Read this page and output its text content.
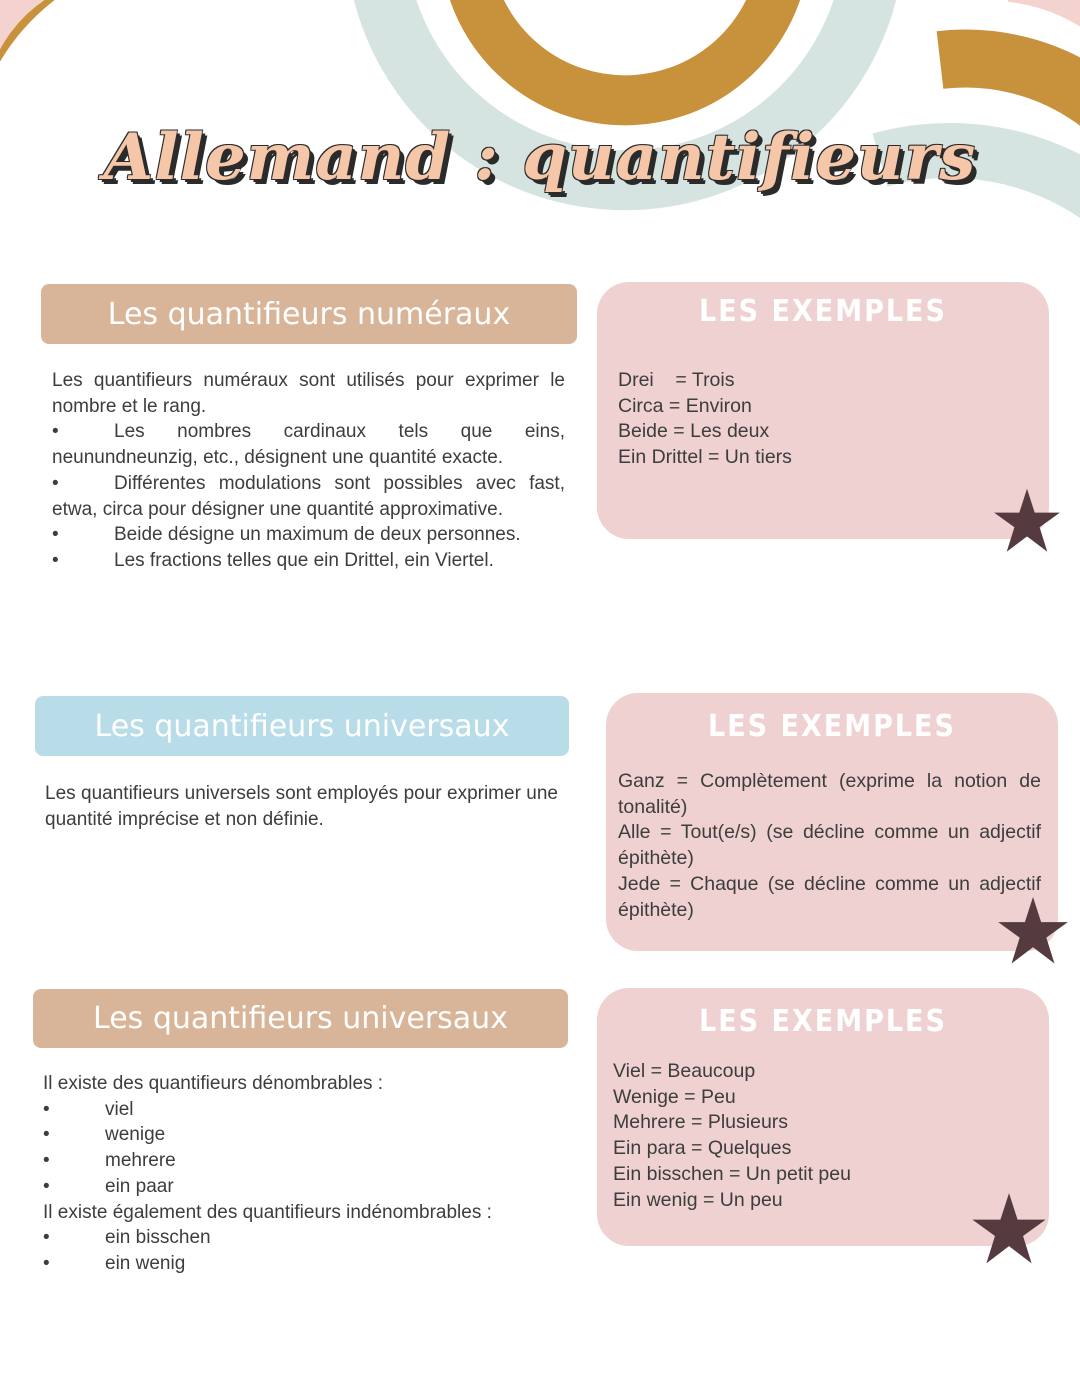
Allemand : quantifieurs
Les quantifieurs numéraux

Les quantifieurs numéraux sont utilisés pour exprimer le nombre et le rang.

•	Les nombres cardinaux tels que eins, neunundneunzig, etc., désignent une quantité exacte.
•	Différentes modulations sont possibles avec fast, etwa, circa pour désigner une quantité approximative.
•	Beide désigne un maximum de deux personnes.
•	Les fractions telles que ein Drittel, ein Viertel.
LES EXEMPLES
Drei    = Trois
Circa = Environ
Beide = Les deux
Ein Drittel = Un tiers
Les quantifieurs universaux

Les quantifieurs universels sont employés pour exprimer une quantité imprécise et non définie.

LES EXEMPLES

Ganz = Complètement (exprime la notion de tonalité)

Alle = Tout(e/s) (se décline comme un adjectif épithète)

Jede = Chaque (se décline comme un adjectif épithète)

Les quantifieurs universaux

Il existe des quantifieurs dénombrables :

•	viel
•	wenige
•	mehrere
•	ein paar

Il existe également des quantifieurs indénombrables :

•	ein bisschen
•	ein wenig
LES EXEMPLES
Viel = Beaucoup
Wenige = Peu
Mehrere = Plusieurs
Ein para = Quelques
Ein bisschen = Un petit peu
Ein wenig = Un peu
